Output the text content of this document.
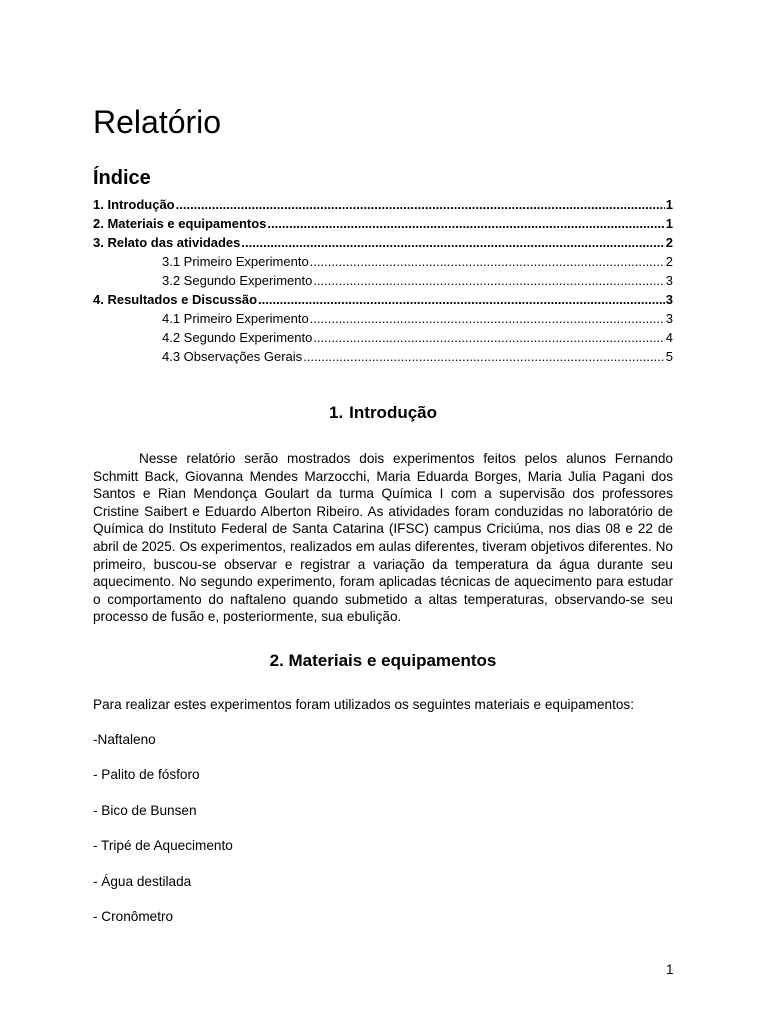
Relatório
Índice
1. Introdução .....	1
2. Materiais e equipamentos .....	1
3. Relato das atividades .....	2
3.1 Primeiro Experimento .....	2
3.2 Segundo Experimento .....	3
4. Resultados e Discussão .....	3
4.1 Primeiro Experimento .....	3
4.2 Segundo Experimento .....	4
4.3 Observações Gerais .....	5
1. Introdução

Nesse relatório serão mostrados dois experimentos feitos pelos alunos Fernando Schmitt Back, Giovanna Mendes Marzocchi, Maria Eduarda Borges, Maria Julia Pagani dos Santos e Rian Mendonça Goulart da turma Química I com a supervisão dos professores Cristine Saibert e Eduardo Alberton Ribeiro. As atividades foram conduzidas no laboratório de Química do Instituto Federal de Santa Catarina (IFSC) campus Criciúma, nos dias 08 e 22 de abril de 2025. Os experimentos, realizados em aulas diferentes, tiveram objetivos diferentes. No primeiro, buscou-se observar e registrar a variação da temperatura da água durante seu aquecimento. No segundo experimento, foram aplicadas técnicas de aquecimento para estudar o comportamento do naftaleno quando submetido a altas temperaturas, observando-se seu processo de fusão e, posteriormente, sua ebulição.

2. Materiais e equipamentos

Para realizar estes experimentos foram utilizados os seguintes materiais e equipamentos:

-Naftaleno
- Palito de fósforo
- Bico de Bunsen
- Tripé de Aquecimento
- Água destilada
- Cronômetro
1
